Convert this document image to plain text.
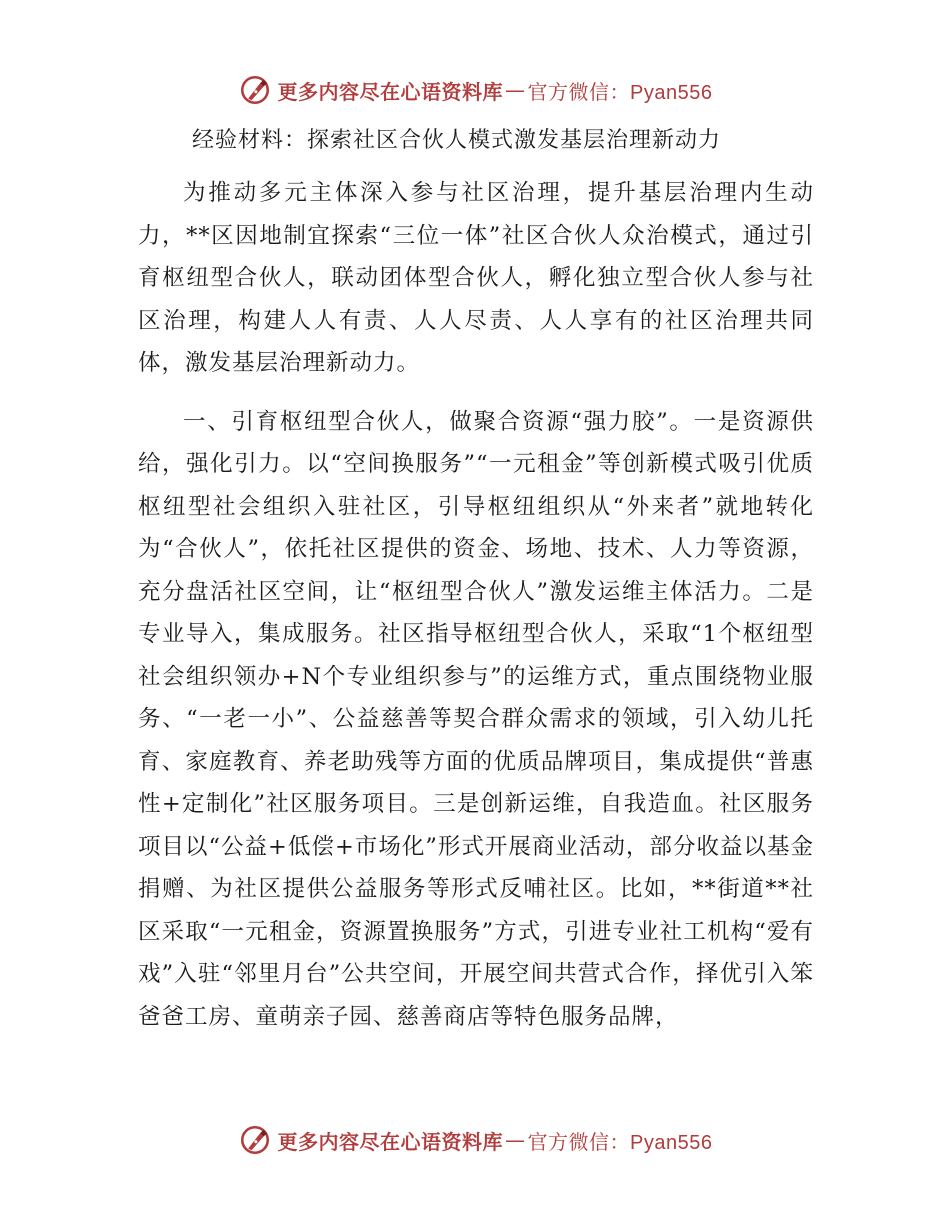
更多内容尽在心语资料库 — 官方微信：Pyan556
经验材料：探索社区合伙人模式激发基层治理新动力

为推动多元主体深入参与社区治理，提升基层治理内生动力，**区因地制宜探索“三位一体”社区合伙人众治模式，通过引育枢纽型合伙人，联动团体型合伙人，孵化独立型合伙人参与社区治理，构建人人有责、人人尽责、人人享有的社区治理共同体，激发基层治理新动力。

一、引育枢纽型合伙人，做聚合资源“强力胶”。一是资源供给，强化引力。以“空间换服务”“一元租金”等创新模式吸引优质枢纽型社会组织入驻社区，引导枢纽组织从“外来者”就地转化为“合伙人”，依托社区提供的资金、场地、技术、人力等资源，充分盘活社区空间，让“枢纽型合伙人”激发运维主体活力。二是专业导入，集成服务。社区指导枢纽型合伙人，采取“1个枢纽型社会组织领办+N个专业组织参与”的运维方式，重点围绕物业服务、“一老一小”、公益慈善等契合群众需求的领域，引入幼儿托育、家庭教育、养老助残等方面的优质品牌项目，集成提供“普惠性+定制化”社区服务项目。三是创新运维，自我造血。社区服务项目以“公益+低偿+市场化”形式开展商业活动，部分收益以基金捐赠、为社区提供公益服务等形式反哺社区。比如，**街道**社区采取“一元租金，资源置换服务”方式，引进专业社工机构“爱有戏”入驻“邻里月台”公共空间，开展空间共营式合作，择优引入笨爸爸工房、童萌亲子园、慈善商店等特色服务品牌，

更多内容尽在心语资料库 — 官方微信：Pyan556
